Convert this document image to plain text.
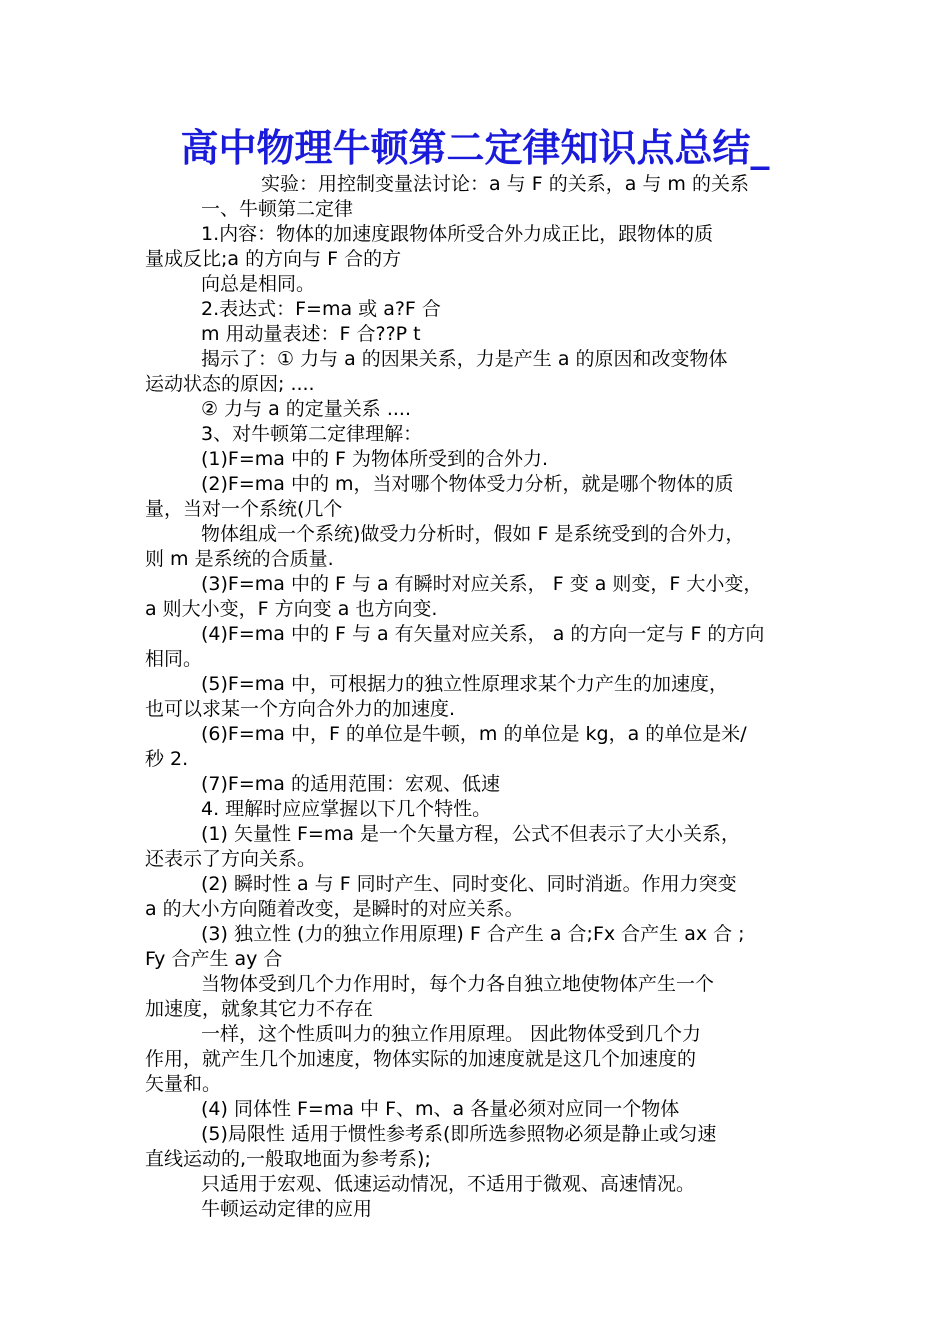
高中物理牛顿第二定律知识点总结_
实验：用控制变量法讨论：a 与 F 的关系，a 与 m 的关系
一、牛顿第二定律
1.内容：物体的加速度跟物体所受合外力成正比，跟物体的质
量成反比;a 的方向与 F 合的方
向总是相同。
2.表达式：F=ma 或 a?F 合
m 用动量表述：F 合??P t
揭示了：① 力与 a 的因果关系，力是产生 a 的原因和改变物体
运动状态的原因; ....
② 力与 a 的定量关系 ....
3、对牛顿第二定律理解：
(1)F=ma 中的 F 为物体所受到的合外力.
(2)F=ma 中的 m，当对哪个物体受力分析，就是哪个物体的质
量，当对一个系统(几个
物体组成一个系统)做受力分析时，假如 F 是系统受到的合外力，
则 m 是系统的合质量.
(3)F=ma 中的 F 与 a 有瞬时对应关系， F 变 a 则变，F 大小变，
a 则大小变，F 方向变 a 也方向变.
(4)F=ma 中的 F 与 a 有矢量对应关系， a 的方向一定与 F 的方向
相同。
(5)F=ma 中，可根据力的独立性原理求某个力产生的加速度，
也可以求某一个方向合外力的加速度.
(6)F=ma 中，F 的单位是牛顿，m 的单位是 kg，a 的单位是米/
秒 2.
(7)F=ma 的适用范围：宏观、低速
4. 理解时应应掌握以下几个特性。
(1) 矢量性 F=ma 是一个矢量方程，公式不但表示了大小关系，
还表示了方向关系。
(2) 瞬时性 a 与 F 同时产生、同时变化、同时消逝。作用力突变
a 的大小方向随着改变，是瞬时的对应关系。
(3) 独立性 (力的独立作用原理) F 合产生 a 合;Fx 合产生 ax 合 ;
Fy 合产生 ay 合
当物体受到几个力作用时，每个力各自独立地使物体产生一个
加速度，就象其它力不存在
一样，这个性质叫力的独立作用原理。 因此物体受到几个力
作用，就产生几个加速度，物体实际的加速度就是这几个加速度的
矢量和。
(4) 同体性 F=ma 中 F、m、a 各量必须对应同一个物体
(5)局限性 适用于惯性参考系(即所选参照物必须是静止或匀速
直线运动的,一般取地面为参考系);
只适用于宏观、低速运动情况，不适用于微观、高速情况。
牛顿运动定律的应用
